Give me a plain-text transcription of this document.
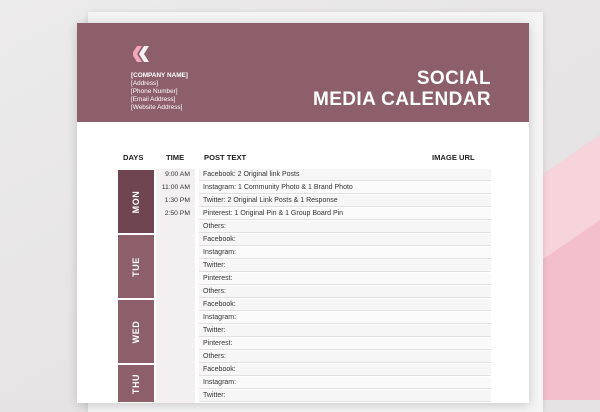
[COMPANY NAME]
[Address]
[Phone Number]
[Email Address]
[Website Address]
SOCIAL
MEDIA CALENDAR
DAYS	TIME	POST TEXT	IMAGE URL
MON
9:00 AM	Facebook: 2 Original link Posts
11:00 AM	Instagram: 1 Community Photo & 1 Brand Photo
1:30 PM	Twitter: 2 Original Link Posts & 1 Response
2:50 PM	Pinterest: 1 Original Pin & 1 Group Board Pin
Others:
TUE
Facebook:
Instagram:
Twitter:
Pinterest:
Others:
WED
Facebook:
Instagram:
Twitter:
Pinterest:
Others:
THU
Facebook:
Instagram:
Twitter:
